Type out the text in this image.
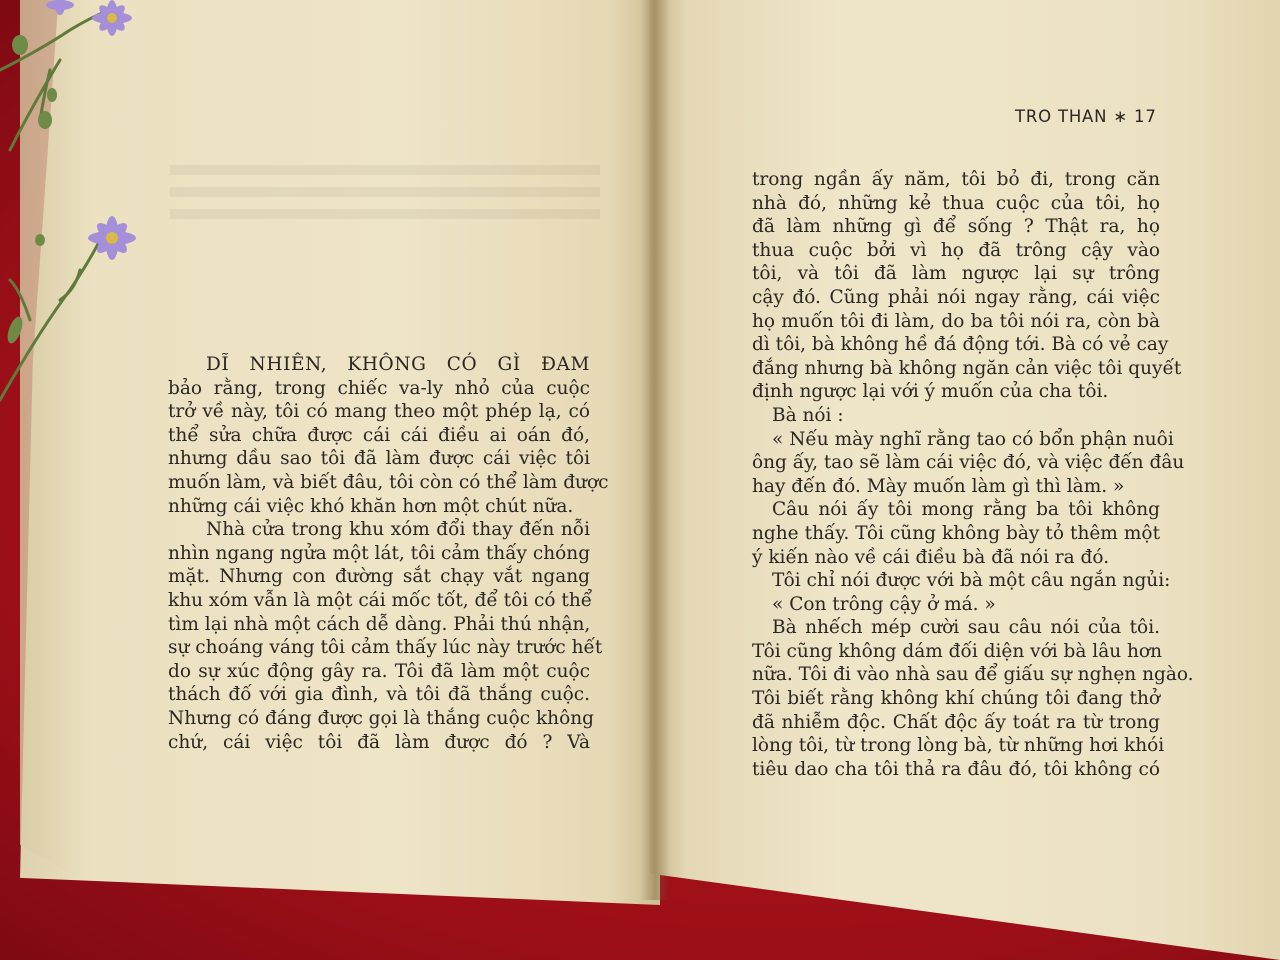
TRO THAN ∗ 17
DĨ NHIÊN, KHÔNG CÓ GÌ ĐAM
bảo rằng, trong chiếc va-ly nhỏ của cuộc
trở về này, tôi có mang theo một phép lạ, có
thể sửa chữa được cái cái điều ai oán đó,
nhưng dầu sao tôi đã làm được cái việc tôi
muốn làm, và biết đâu, tôi còn có thể làm được
những cái việc khó khăn hơn một chút nữa.
Nhà cửa trong khu xóm đổi thay đến nỗi
nhìn ngang ngửa một lát, tôi cảm thấy chóng
mặt. Nhưng con đường sắt chạy vắt ngang
khu xóm vẫn là một cái mốc tốt, để tôi có thể
tìm lại nhà một cách dễ dàng. Phải thú nhận,
sự choáng váng tôi cảm thấy lúc này trước hết
do sự xúc động gây ra. Tôi đã làm một cuộc
thách đố với gia đình, và tôi đã thắng cuộc.
Nhưng có đáng được gọi là thắng cuộc không
chứ, cái việc tôi đã làm được đó ? Và
trong ngần ấy năm, tôi bỏ đi, trong căn
nhà đó, những kẻ thua cuộc của tôi, họ
đã làm những gì để sống ? Thật ra, họ
thua cuộc bởi vì họ đã trông cậy vào
tôi, và tôi đã làm ngược lại sự trông
cậy đó. Cũng phải nói ngay rằng, cái việc
họ muốn tôi đi làm, do ba tôi nói ra, còn bà
dì tôi, bà không hề đá động tới. Bà có vẻ cay
đắng nhưng bà không ngăn cản việc tôi quyết
định ngược lại với ý muốn của cha tôi.
Bà nói :
« Nếu mày nghĩ rằng tao có bổn phận nuôi
ông ấy, tao sẽ làm cái việc đó, và việc đến đâu
hay đến đó. Mày muốn làm gì thì làm. »
Câu nói ấy tôi mong rằng ba tôi không
nghe thấy. Tôi cũng không bày tỏ thêm một
ý kiến nào về cái điều bà đã nói ra đó.
Tôi chỉ nói được với bà một câu ngắn ngủi:
« Con trông cậy ở má. »
Bà nhếch mép cười sau câu nói của tôi.
Tôi cũng không dám đối diện với bà lâu hơn
nữa. Tôi đi vào nhà sau để giấu sự nghẹn ngào.
Tôi biết rằng không khí chúng tôi đang thở
đã nhiễm độc. Chất độc ấy toát ra từ trong
lòng tôi, từ trong lòng bà, từ những hơi khói
tiêu dao cha tôi thả ra đâu đó, tôi không có
